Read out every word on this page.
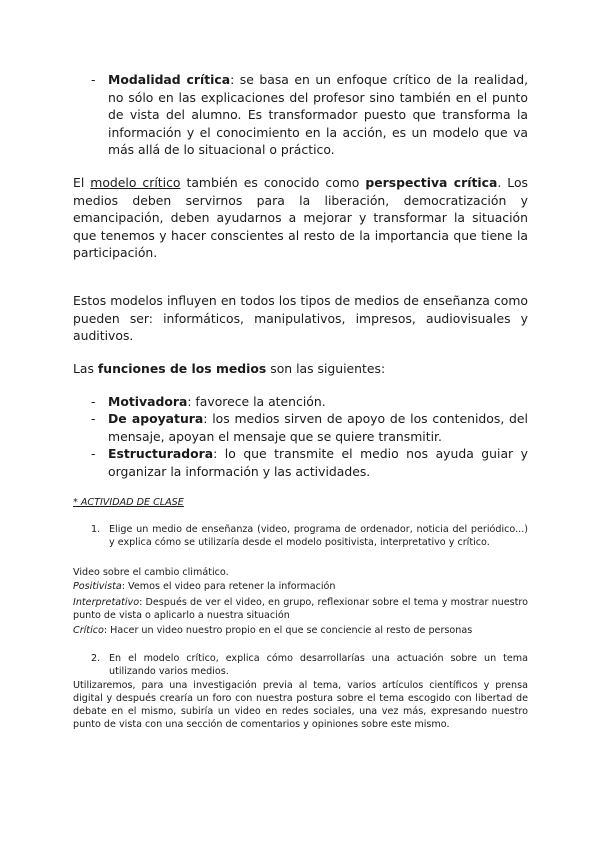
- Modalidad crítica: se basa en un enfoque crítico de la realidad, no sólo en las explicaciones del profesor sino también en el punto de vista del alumno. Es transformador puesto que transforma la información y el conocimiento en la acción, es un modelo que va más allá de lo situacional o práctico.
El modelo crítico también es conocido como perspectiva crítica. Los medios deben servirnos para la liberación, democratización y emancipación, deben ayudarnos a mejorar y transformar la situación que tenemos y hacer conscientes al resto de la importancia que tiene la participación.
Estos modelos influyen en todos los tipos de medios de enseñanza como pueden ser: informáticos, manipulativos, impresos, audiovisuales y auditivos.
Las funciones de los medios son las siguientes:
- Motivadora: favorece la atención.
- De apoyatura: los medios sirven de apoyo de los contenidos, del mensaje, apoyan el mensaje que se quiere transmitir.
- Estructuradora: lo que transmite el medio nos ayuda guiar y organizar la información y las actividades.
* ACTIVIDAD DE CLASE
1. Elige un medio de enseñanza (video, programa de ordenador, noticia del periódico...) y explica cómo se utilizaría desde el modelo positivista, interpretativo y crítico.
Video sobre el cambio climático.
Positivista: Vemos el video para retener la información
Interpretativo: Después de ver el video, en grupo, reflexionar sobre el tema y mostrar nuestro punto de vista o aplicarlo a nuestra situación
Crítico: Hacer un video nuestro propio en el que se conciencie al resto de personas
2. En el modelo crítico, explica cómo desarrollarías una actuación sobre un tema utilizando varios medios.
Utilizaremos, para una investigación previa al tema, varios artículos científicos y prensa digital y después crearía un foro con nuestra postura sobre el tema escogido con libertad de debate en el mismo, subiría un video en redes sociales, una vez más, expresando nuestro punto de vista con una sección de comentarios y opiniones sobre este mismo.
